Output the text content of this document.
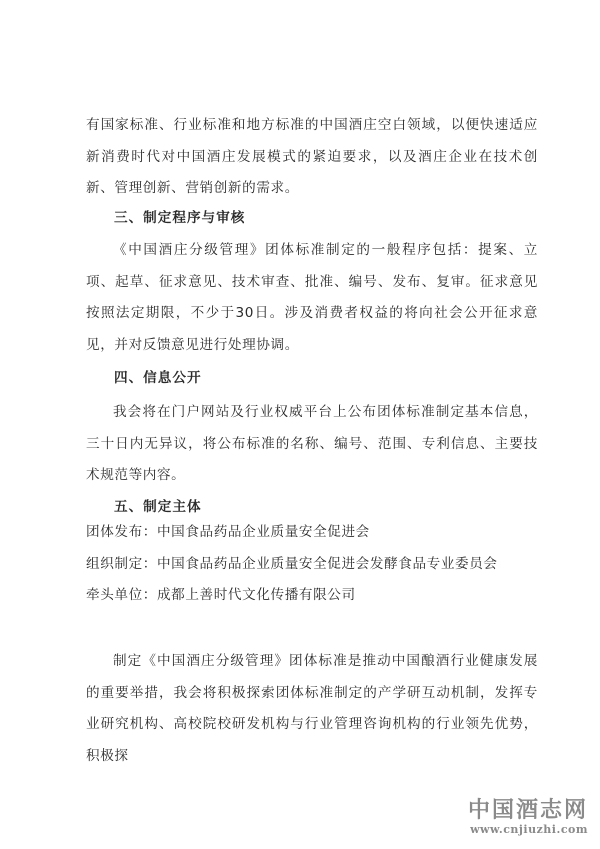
有国家标准、行业标准和地方标准的中国酒庄空白领域，以便快速适应新消费时代对中国酒庄发展模式的紧迫要求，以及酒庄企业在技术创新、管理创新、营销创新的需求。

三、制定程序与审核

《中国酒庄分级管理》团体标准制定的一般程序包括：提案、立项、起草、征求意见、技术审查、批准、编号、发布、复审。征求意见按照法定期限，不少于30日。涉及消费者权益的将向社会公开征求意见，并对反馈意见进行处理协调。

四、信息公开

我会将在门户网站及行业权威平台上公布团体标准制定基本信息，三十日内无异议，将公布标准的名称、编号、范围、专利信息、主要技术规范等内容。

五、制定主体

团体发布：中国食品药品企业质量安全促进会

组织制定：中国食品药品企业质量安全促进会发酵食品专业委员会

牵头单位：成都上善时代文化传播有限公司

制定《中国酒庄分级管理》团体标准是推动中国酿酒行业健康发展的重要举措，我会将积极探索团体标准制定的产学研互动机制，发挥专业研究机构、高校院校研发机构与行业管理咨询机构的行业领先优势，积极探

中国酒志网
www.cnjiuzhi.com
